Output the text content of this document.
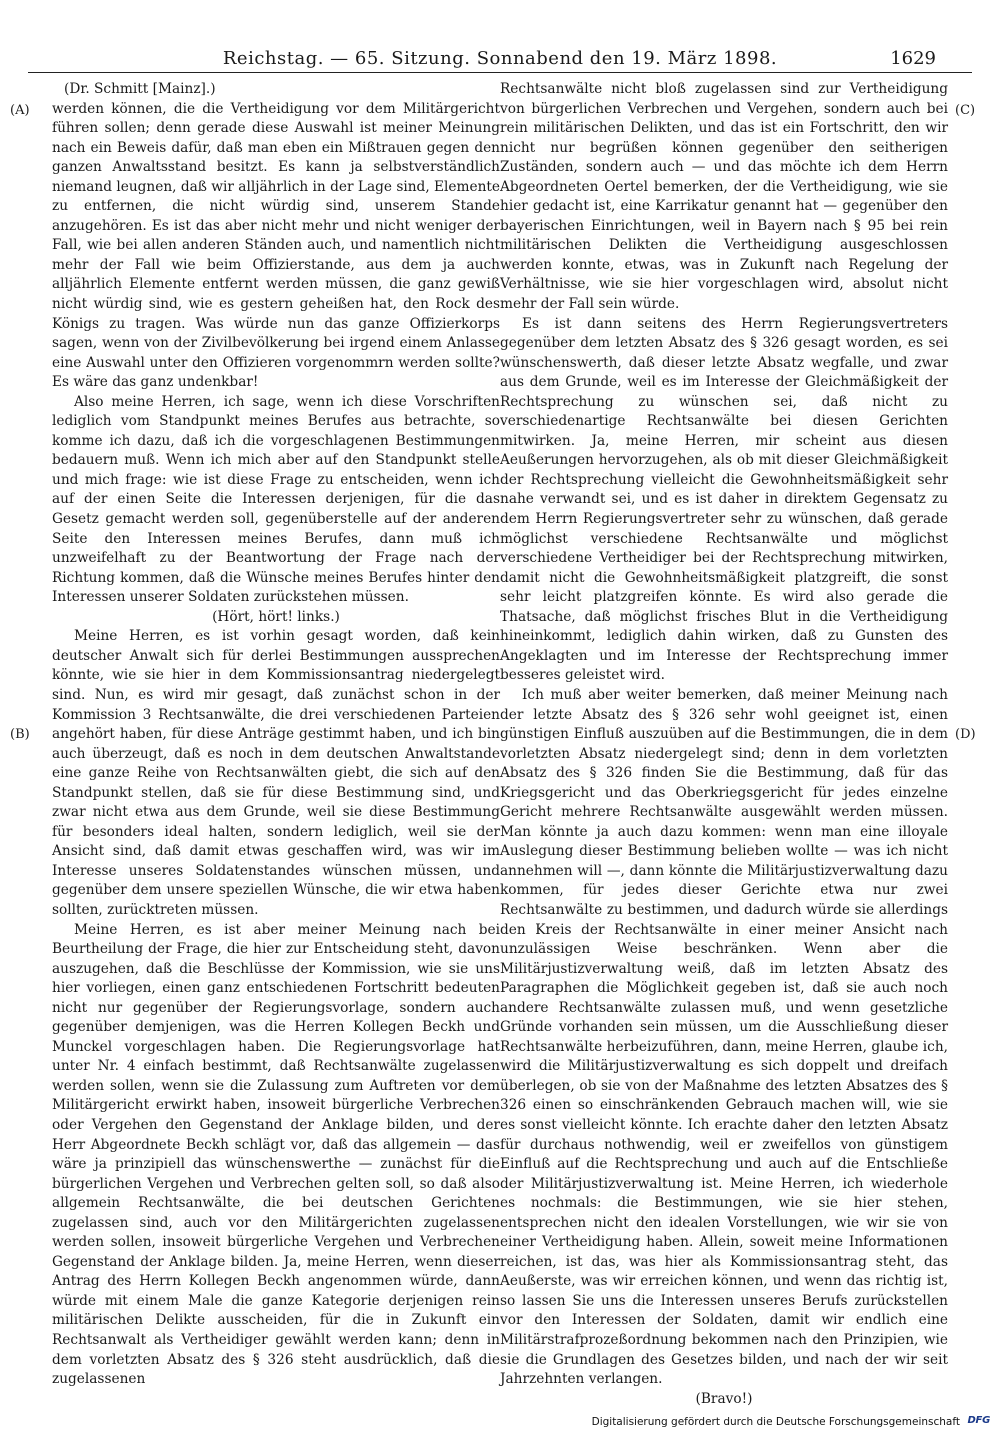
Reichstag. — 65. Sitzung. Sonnabend den 19. März 1898.	1629
(A)
(B)
(C)
(D)

(Dr. Schmitt [Mainz].)

werden können, die die Vertheidigung vor dem Militärgericht führen sollen; denn gerade diese Auswahl ist meiner Meinung nach ein Beweis dafür, daß man eben ein Mißtrauen gegen den ganzen Anwaltsstand besitzt. Es kann ja selbstverständlich niemand leugnen, daß wir alljährlich in der Lage sind, Elemente zu entfernen, die nicht würdig sind, unserem Stande anzugehören. Es ist das aber nicht mehr und nicht weniger der Fall, wie bei allen anderen Ständen auch, und namentlich nicht mehr der Fall wie beim Offizierstande, aus dem ja auch alljährlich Elemente entfernt werden müssen, die ganz gewiß nicht würdig sind, wie es gestern geheißen hat, den Rock des Königs zu tragen. Was würde nun das ganze Offizierkorps sagen, wenn von der Zivilbevölkerung bei irgend einem Anlasse eine Auswahl unter den Offizieren vorgenommrn werden sollte? Es wäre das ganz undenkbar!

Also meine Herren, ich sage, wenn ich diese Vorschriften lediglich vom Standpunkt meines Berufes aus betrachte, so komme ich dazu, daß ich die vorgeschlagenen Bestimmungen bedauern muß. Wenn ich mich aber auf den Standpunkt stelle und mich frage: wie ist diese Frage zu entscheiden, wenn ich auf der einen Seite die Interessen derjenigen, für die das Gesetz gemacht werden soll, gegenüberstelle auf der anderen Seite den Interessen meines Berufes, dann muß ich unzweifelhaft zu der Beantwortung der Frage nach der Richtung kommen, daß die Wünsche meines Berufes hinter den Interessen unserer Soldaten zurückstehen müssen.

(Hört, hört! links.)

Meine Herren, es ist vorhin gesagt worden, daß kein deutscher Anwalt sich für derlei Bestimmungen aussprechen könnte, wie sie hier in dem Kommissionsantrag niedergelegt sind. Nun, es wird mir gesagt, daß zunächst schon in der Kommission 3 Rechtsanwälte, die drei verschiedenen Parteien angehört haben, für diese Anträge gestimmt haben, und ich bin auch überzeugt, daß es noch in dem deutschen Anwaltstande eine ganze Reihe von Rechtsanwälten giebt, die sich auf den Standpunkt stellen, daß sie für diese Bestimmung sind, und zwar nicht etwa aus dem Grunde, weil sie diese Bestimmung für besonders ideal halten, sondern lediglich, weil sie der Ansicht sind, daß damit etwas geschaffen wird, was wir im Interesse unseres Soldatenstandes wünschen müssen, und gegenüber dem unsere speziellen Wünsche, die wir etwa haben sollten, zurücktreten müssen.

Meine Herren, es ist aber meiner Meinung nach bei Beurtheilung der Frage, die hier zur Entscheidung steht, davon auszugehen, daß die Beschlüsse der Kommission, wie sie uns hier vorliegen, einen ganz entschiedenen Fortschritt bedeuten nicht nur gegenüber der Regierungsvorlage, sondern auch gegenüber demjenigen, was die Herren Kollegen Beckh und Munckel vorgeschlagen haben. Die Regierungsvorlage hat unter Nr. 4 einfach bestimmt, daß Rechtsanwälte zugelassen werden sollen, wenn sie die Zulassung zum Auftreten vor dem Militärgericht erwirkt haben, insoweit bürgerliche Verbrechen oder Vergehen den Gegenstand der Anklage bilden, und der Herr Abgeordnete Beckh schlägt vor, daß das allgemein — das wäre ja prinzipiell das wünschenswerthe — zunächst für die bürgerlichen Vergehen und Verbrechen gelten soll, so daß also allgemein Rechtsanwälte, die bei deutschen Gerichten zugelassen sind, auch vor den Militärgerichten zugelassen werden sollen, insoweit bürgerliche Vergehen und Verbrechen Gegenstand der Anklage bilden. Ja, meine Herren, wenn dieser Antrag des Herrn Kollegen Beckh angenommen würde, dann würde mit einem Male die ganze Kategorie derjenigen rein militärischen Delikte ausscheiden, für die in Zukunft ein Rechtsanwalt als Vertheidiger gewählt werden kann; denn in dem vorletzten Absatz des § 326 steht ausdrücklich, daß die zugelassenen

Rechtsanwälte nicht bloß zugelassen sind zur Vertheidigung von bürgerlichen Verbrechen und Vergehen, sondern auch bei rein militärischen Delikten, und das ist ein Fortschritt, den wir nicht nur begrüßen können gegenüber den seitherigen Zuständen, sondern auch — und das möchte ich dem Herrn Abgeordneten Oertel bemerken, der die Vertheidigung, wie sie hier gedacht ist, eine Karrikatur genannt hat — gegenüber den bayerischen Einrichtungen, weil in Bayern nach § 95 bei rein militärischen Delikten die Vertheidigung ausgeschlossen werden konnte, etwas, was in Zukunft nach Regelung der Verhältnisse, wie sie hier vorgeschlagen wird, absolut nicht mehr der Fall sein würde.

Es ist dann seitens des Herrn Regierungsvertreters gegenüber dem letzten Absatz des § 326 gesagt worden, es sei wünschenswerth, daß dieser letzte Absatz wegfalle, und zwar aus dem Grunde, weil es im Interesse der Gleichmäßigkeit der Rechtsprechung zu wünschen sei, daß nicht zu verschiedenartige Rechtsanwälte bei diesen Gerichten mitwirken. Ja, meine Herren, mir scheint aus diesen Aeußerungen hervorzugehen, als ob mit dieser Gleichmäßigkeit der Rechtsprechung vielleicht die Gewohnheitsmäßigkeit sehr nahe verwandt sei, und es ist daher in direktem Gegensatz zu dem Herrn Regierungsvertreter sehr zu wünschen, daß gerade möglichst verschiedene Rechtsanwälte und möglichst verschiedene Vertheidiger bei der Rechtsprechung mitwirken, damit nicht die Gewohnheitsmäßigkeit platzgreift, die sonst sehr leicht platzgreifen könnte. Es wird also gerade die Thatsache, daß möglichst frisches Blut in die Vertheidigung hineinkommt, lediglich dahin wirken, daß zu Gunsten des Angeklagten und im Interesse der Rechtsprechung immer besseres geleistet wird.

Ich muß aber weiter bemerken, daß meiner Meinung nach der letzte Absatz des § 326 sehr wohl geeignet ist, einen günstigen Einfluß auszuüben auf die Bestimmungen, die in dem vorletzten Absatz niedergelegt sind; denn in dem vorletzten Absatz des § 326 finden Sie die Bestimmung, daß für das Kriegsgericht und das Oberkriegsgericht für jedes einzelne Gericht mehrere Rechtsanwälte ausgewählt werden müssen. Man könnte ja auch dazu kommen: wenn man eine illoyale Auslegung dieser Bestimmung belieben wollte — was ich nicht annehmen will —, dann könnte die Militärjustizverwaltung dazu kommen, für jedes dieser Gerichte etwa nur zwei Rechtsanwälte zu bestimmen, und dadurch würde sie allerdings den Kreis der Rechtsanwälte in einer meiner Ansicht nach unzulässigen Weise beschränken. Wenn aber die Militärjustizverwaltung weiß, daß im letzten Absatz des Paragraphen die Möglichkeit gegeben ist, daß sie auch noch andere Rechtsanwälte zulassen muß, und wenn gesetzliche Gründe vorhanden sein müssen, um die Ausschließung dieser Rechtsanwälte herbeizuführen, dann, meine Herren, glaube ich, wird die Militärjustizverwaltung es sich doppelt und dreifach überlegen, ob sie von der Maßnahme des letzten Absatzes des § 326 einen so einschränkenden Gebrauch machen will, wie sie es sonst vielleicht könnte. Ich erachte daher den letzten Absatz für durchaus nothwendig, weil er zweifellos von günstigem Einfluß auf die Rechtsprechung und auch auf die Entschließe der Militärjustizverwaltung ist. Meine Herren, ich wiederhole es nochmals: die Bestimmungen, wie sie hier stehen, entsprechen nicht den idealen Vorstellungen, wie wir sie von einer Vertheidigung haben. Allein, soweit meine Informationen reichen, ist das, was hier als Kommissionsantrag steht, das Aeußerste, was wir erreichen können, und wenn das richtig ist, so lassen Sie uns die Interessen unseres Berufs zurückstellen vor den Interessen der Soldaten, damit wir endlich eine Militärstrafprozeßordnung bekommen nach den Prinzipien, wie sie die Grundlagen des Gesetzes bilden, und nach der wir seit Jahrzehnten verlangen.

(Bravo!)

Digitalisierung gefördert durch die Deutsche Forschungsgemeinschaft DFG
